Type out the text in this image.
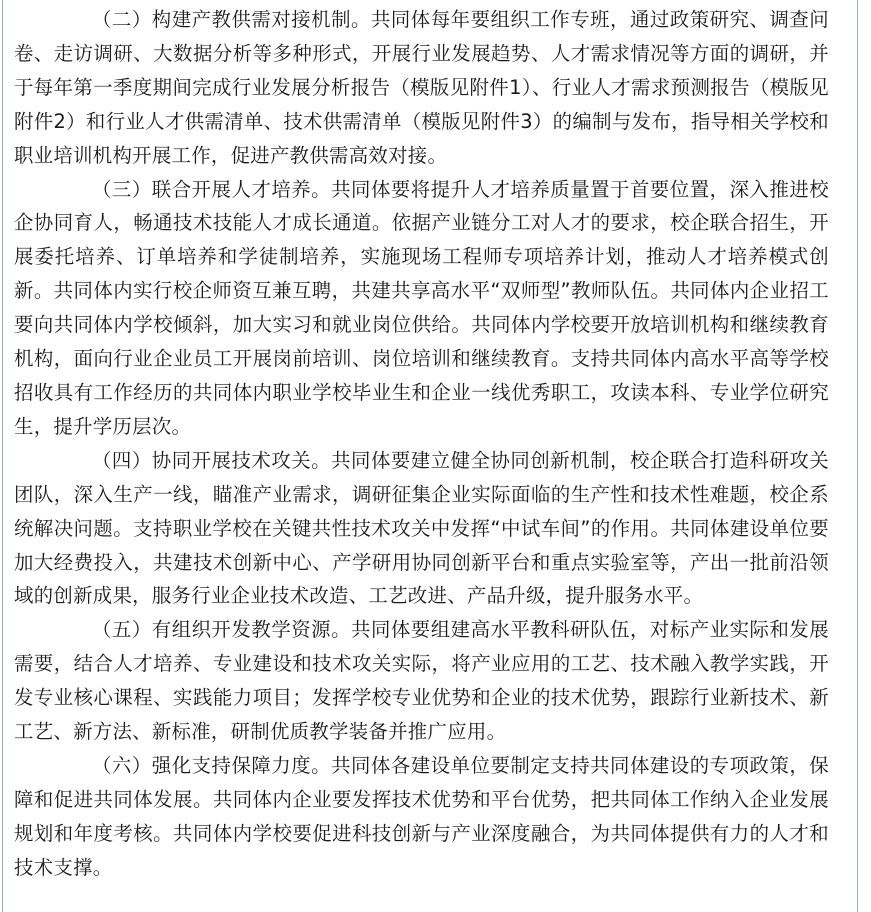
（二）构建产教供需对接机制。共同体每年要组织工作专班，通过政策研究、调查问卷、走访调研、大数据分析等多种形式，开展行业发展趋势、人才需求情况等方面的调研，并于每年第一季度期间完成行业发展分析报告（模版见附件1）、行业人才需求预测报告（模版见附件2）和行业人才供需清单、技术供需清单（模版见附件3）的编制与发布，指导相关学校和职业培训机构开展工作，促进产教供需高效对接。

（三）联合开展人才培养。共同体要将提升人才培养质量置于首要位置，深入推进校企协同育人，畅通技术技能人才成长通道。依据产业链分工对人才的要求，校企联合招生，开展委托培养、订单培养和学徒制培养，实施现场工程师专项培养计划，推动人才培养模式创新。共同体内实行校企师资互兼互聘，共建共享高水平“双师型”教师队伍。共同体内企业招工要向共同体内学校倾斜，加大实习和就业岗位供给。共同体内学校要开放培训机构和继续教育机构，面向行业企业员工开展岗前培训、岗位培训和继续教育。支持共同体内高水平高等学校招收具有工作经历的共同体内职业学校毕业生和企业一线优秀职工，攻读本科、专业学位研究生，提升学历层次。

（四）协同开展技术攻关。共同体要建立健全协同创新机制，校企联合打造科研攻关团队，深入生产一线，瞄准产业需求，调研征集企业实际面临的生产性和技术性难题，校企系统解决问题。支持职业学校在关键共性技术攻关中发挥“中试车间”的作用。共同体建设单位要加大经费投入，共建技术创新中心、产学研用协同创新平台和重点实验室等，产出一批前沿领域的创新成果，服务行业企业技术改造、工艺改进、产品升级，提升服务水平。

（五）有组织开发教学资源。共同体要组建高水平教科研队伍，对标产业实际和发展需要，结合人才培养、专业建设和技术攻关实际，将产业应用的工艺、技术融入教学实践，开发专业核心课程、实践能力项目；发挥学校专业优势和企业的技术优势，跟踪行业新技术、新工艺、新方法、新标准，研制优质教学装备并推广应用。

（六）强化支持保障力度。共同体各建设单位要制定支持共同体建设的专项政策，保障和促进共同体发展。共同体内企业要发挥技术优势和平台优势，把共同体工作纳入企业发展规划和年度考核。共同体内学校要促进科技创新与产业深度融合，为共同体提供有力的人才和技术支撑。
